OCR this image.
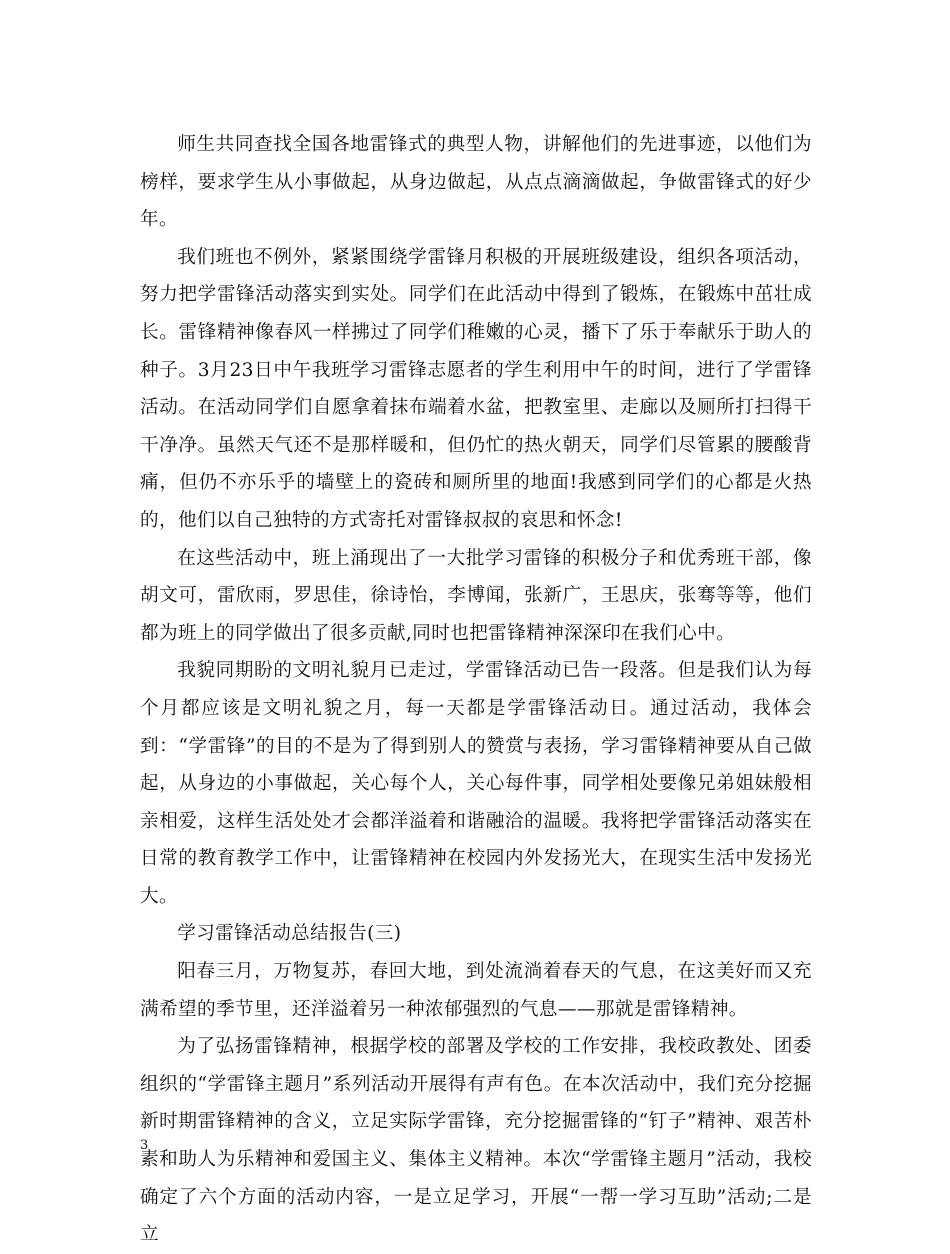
师生共同查找全国各地雷锋式的典型人物，讲解他们的先进事迹，以他们为榜样，要求学生从小事做起，从身边做起，从点点滴滴做起，争做雷锋式的好少年。

我们班也不例外，紧紧围绕学雷锋月积极的开展班级建设，组织各项活动，努力把学雷锋活动落实到实处。同学们在此活动中得到了锻炼，在锻炼中茁壮成长。雷锋精神像春风一样拂过了同学们稚嫩的心灵，播下了乐于奉献乐于助人的种子。3月23日中午我班学习雷锋志愿者的学生利用中午的时间，进行了学雷锋活动。在活动同学们自愿拿着抹布端着水盆，把教室里、走廊以及厕所打扫得干干净净。虽然天气还不是那样暖和，但仍忙的热火朝天，同学们尽管累的腰酸背痛，但仍不亦乐乎的墙壁上的瓷砖和厕所里的地面!我感到同学们的心都是火热的，他们以自己独特的方式寄托对雷锋叔叔的哀思和怀念!

在这些活动中，班上涌现出了一大批学习雷锋的积极分子和优秀班干部，像胡文可，雷欣雨，罗思佳，徐诗怡，李博闻，张新广，王思庆，张骞等等，他们都为班上的同学做出了很多贡献,同时也把雷锋精神深深印在我们心中。

我貌同期盼的文明礼貌月已走过，学雷锋活动已告一段落。但是我们认为每个月都应该是文明礼貌之月，每一天都是学雷锋活动日。通过活动，我体会到：“学雷锋”的目的不是为了得到别人的赞赏与表扬，学习雷锋精神要从自己做起，从身边的小事做起，关心每个人，关心每件事，同学相处要像兄弟姐妹般相亲相爱，这样生活处处才会都洋溢着和谐融洽的温暖。我将把学雷锋活动落实在日常的教育教学工作中，让雷锋精神在校园内外发扬光大，在现实生活中发扬光大。

学习雷锋活动总结报告(三)

阳春三月，万物复苏，春回大地，到处流淌着春天的气息，在这美好而又充满希望的季节里，还洋溢着另一种浓郁强烈的气息——那就是雷锋精神。

为了弘扬雷锋精神，根据学校的部署及学校的工作安排，我校政教处、团委组织的“学雷锋主题月”系列活动开展得有声有色。在本次活动中，我们充分挖掘新时期雷锋精神的含义，立足实际学雷锋，充分挖掘雷锋的“钉子”精神、艰苦朴素和助人为乐精神和爱国主义、集体主义精神。本次“学雷锋主题月”活动，我校确定了六个方面的活动内容，一是立足学习，开展“一帮一学习互助”活动;二是立

3
